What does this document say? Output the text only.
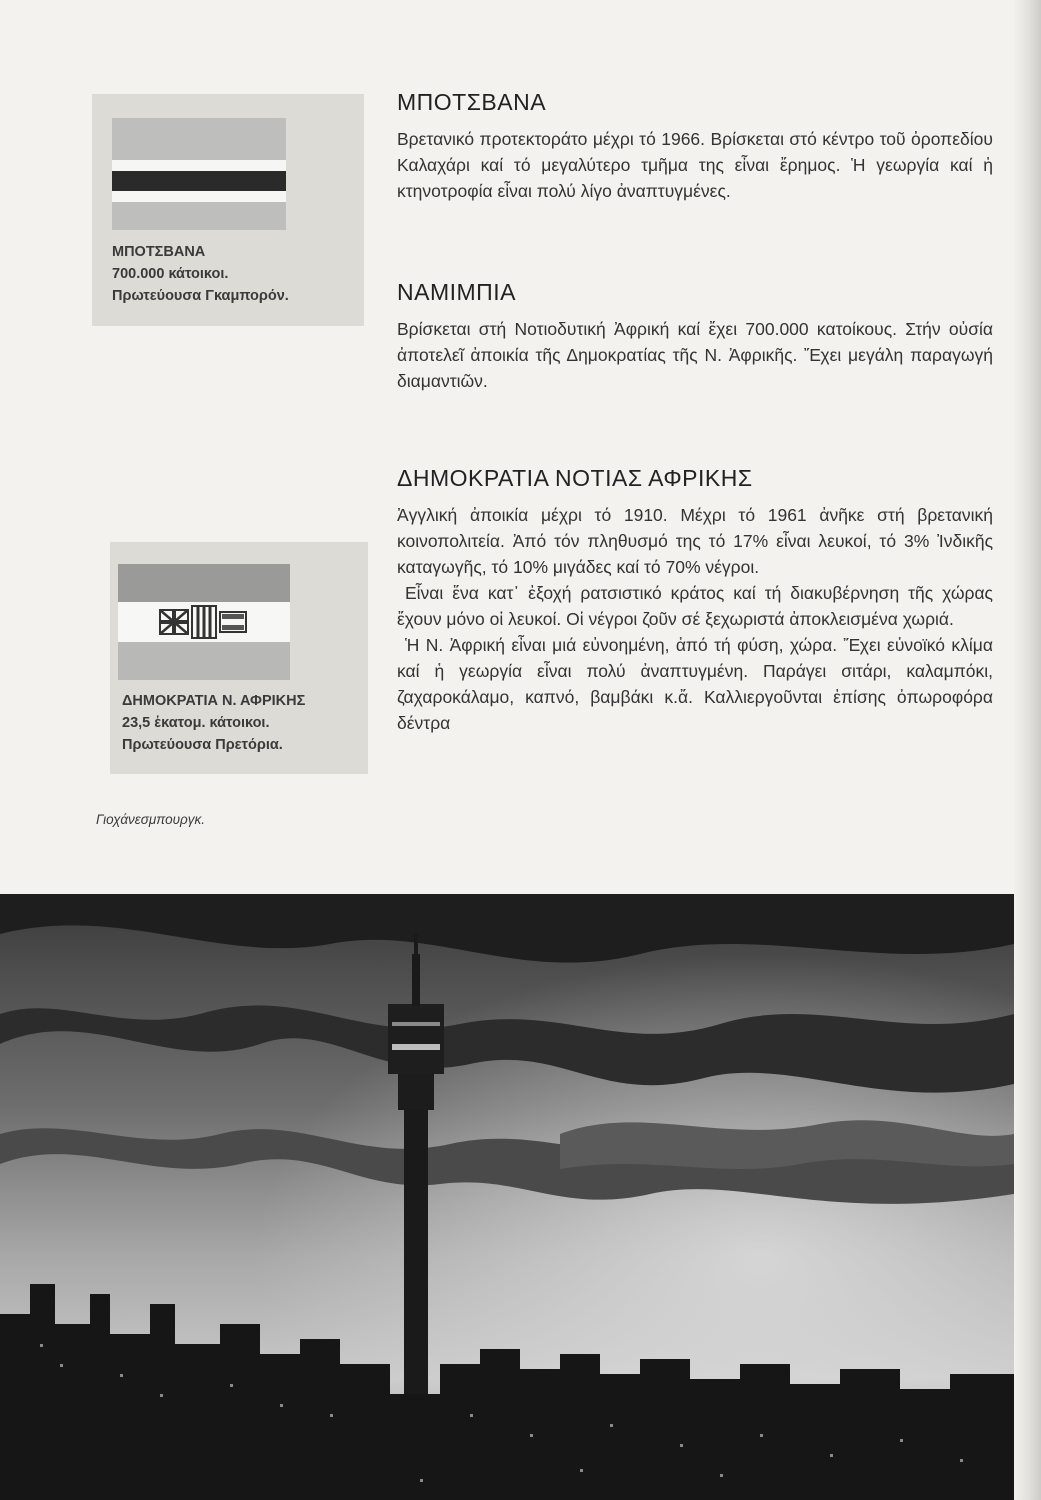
ΜΠΟΤΣΒΑΝΑ
700.000 κάτοικοι.
Πρωτεύουσα Γκαμπορόν.
ΔΗΜΟΚΡΑΤΙΑ Ν. ΑΦΡΙΚΗΣ
23,5 ἑκατομ. κάτοικοι.
Πρωτεύουσα Πρετόρια.
Γιοχάνεσμπουργκ.
ΜΠΟΤΣΒΑΝΑ

Βρετανικό προτεκτοράτο μέχρι τό 1966. Βρίσκεται στό κέντρο τοῦ ὀροπεδίου Καλαχάρι καί τό μεγαλύτερο τμῆμα της εἶναι ἔρημος. Ἡ γεωργία καί ἡ κτηνοτροφία εἶναι πολύ λίγο ἀναπτυγμένες.

ΝΑΜΙΜΠΙΑ

Βρίσκεται στή Νοτιοδυτική Ἀφρική καί ἔχει 700.000 κατοίκους. Στήν οὐσία ἀποτελεῖ ἀποικία τῆς Δημοκρατίας τῆς Ν. Ἀφρικῆς. Ἔχει μεγάλη παραγωγή διαμαντιῶν.

ΔΗΜΟΚΡΑΤΙΑ ΝΟΤΙΑΣ ΑΦΡΙΚΗΣ

Ἀγγλική ἀποικία μέχρι τό 1910. Μέχρι τό 1961 ἀνῆκε στή βρετανική κοινοπολιτεία. Ἀπό τόν πληθυσμό της τό 17% εἶναι λευκοί, τό 3% Ἰνδικῆς καταγωγῆς, τό 10% μιγάδες καί τό 70% νέγροι.

Εἶναι ἕνα κατ᾽ ἐξοχή ρατσιστικό κράτος καί τή διακυβέρνηση τῆς χώρας ἔχουν μόνο οἱ λευκοί. Οἱ νέγροι ζοῦν σέ ξεχωριστά ἀποκλεισμένα χωριά.

Ἡ Ν. Ἀφρική εἶναι μιά εὐνοημένη, ἀπό τή φύση, χώρα. Ἔχει εὐνοϊκό κλίμα καί ἡ γεωργία εἶναι πολύ ἀναπτυγμένη. Παράγει σιτάρι, καλαμπόκι, ζαχαροκάλαμο, καπνό, βαμβάκι κ.ἄ. Καλλιεργοῦνται ἐπίσης ὀπωροφόρα δέντρα
